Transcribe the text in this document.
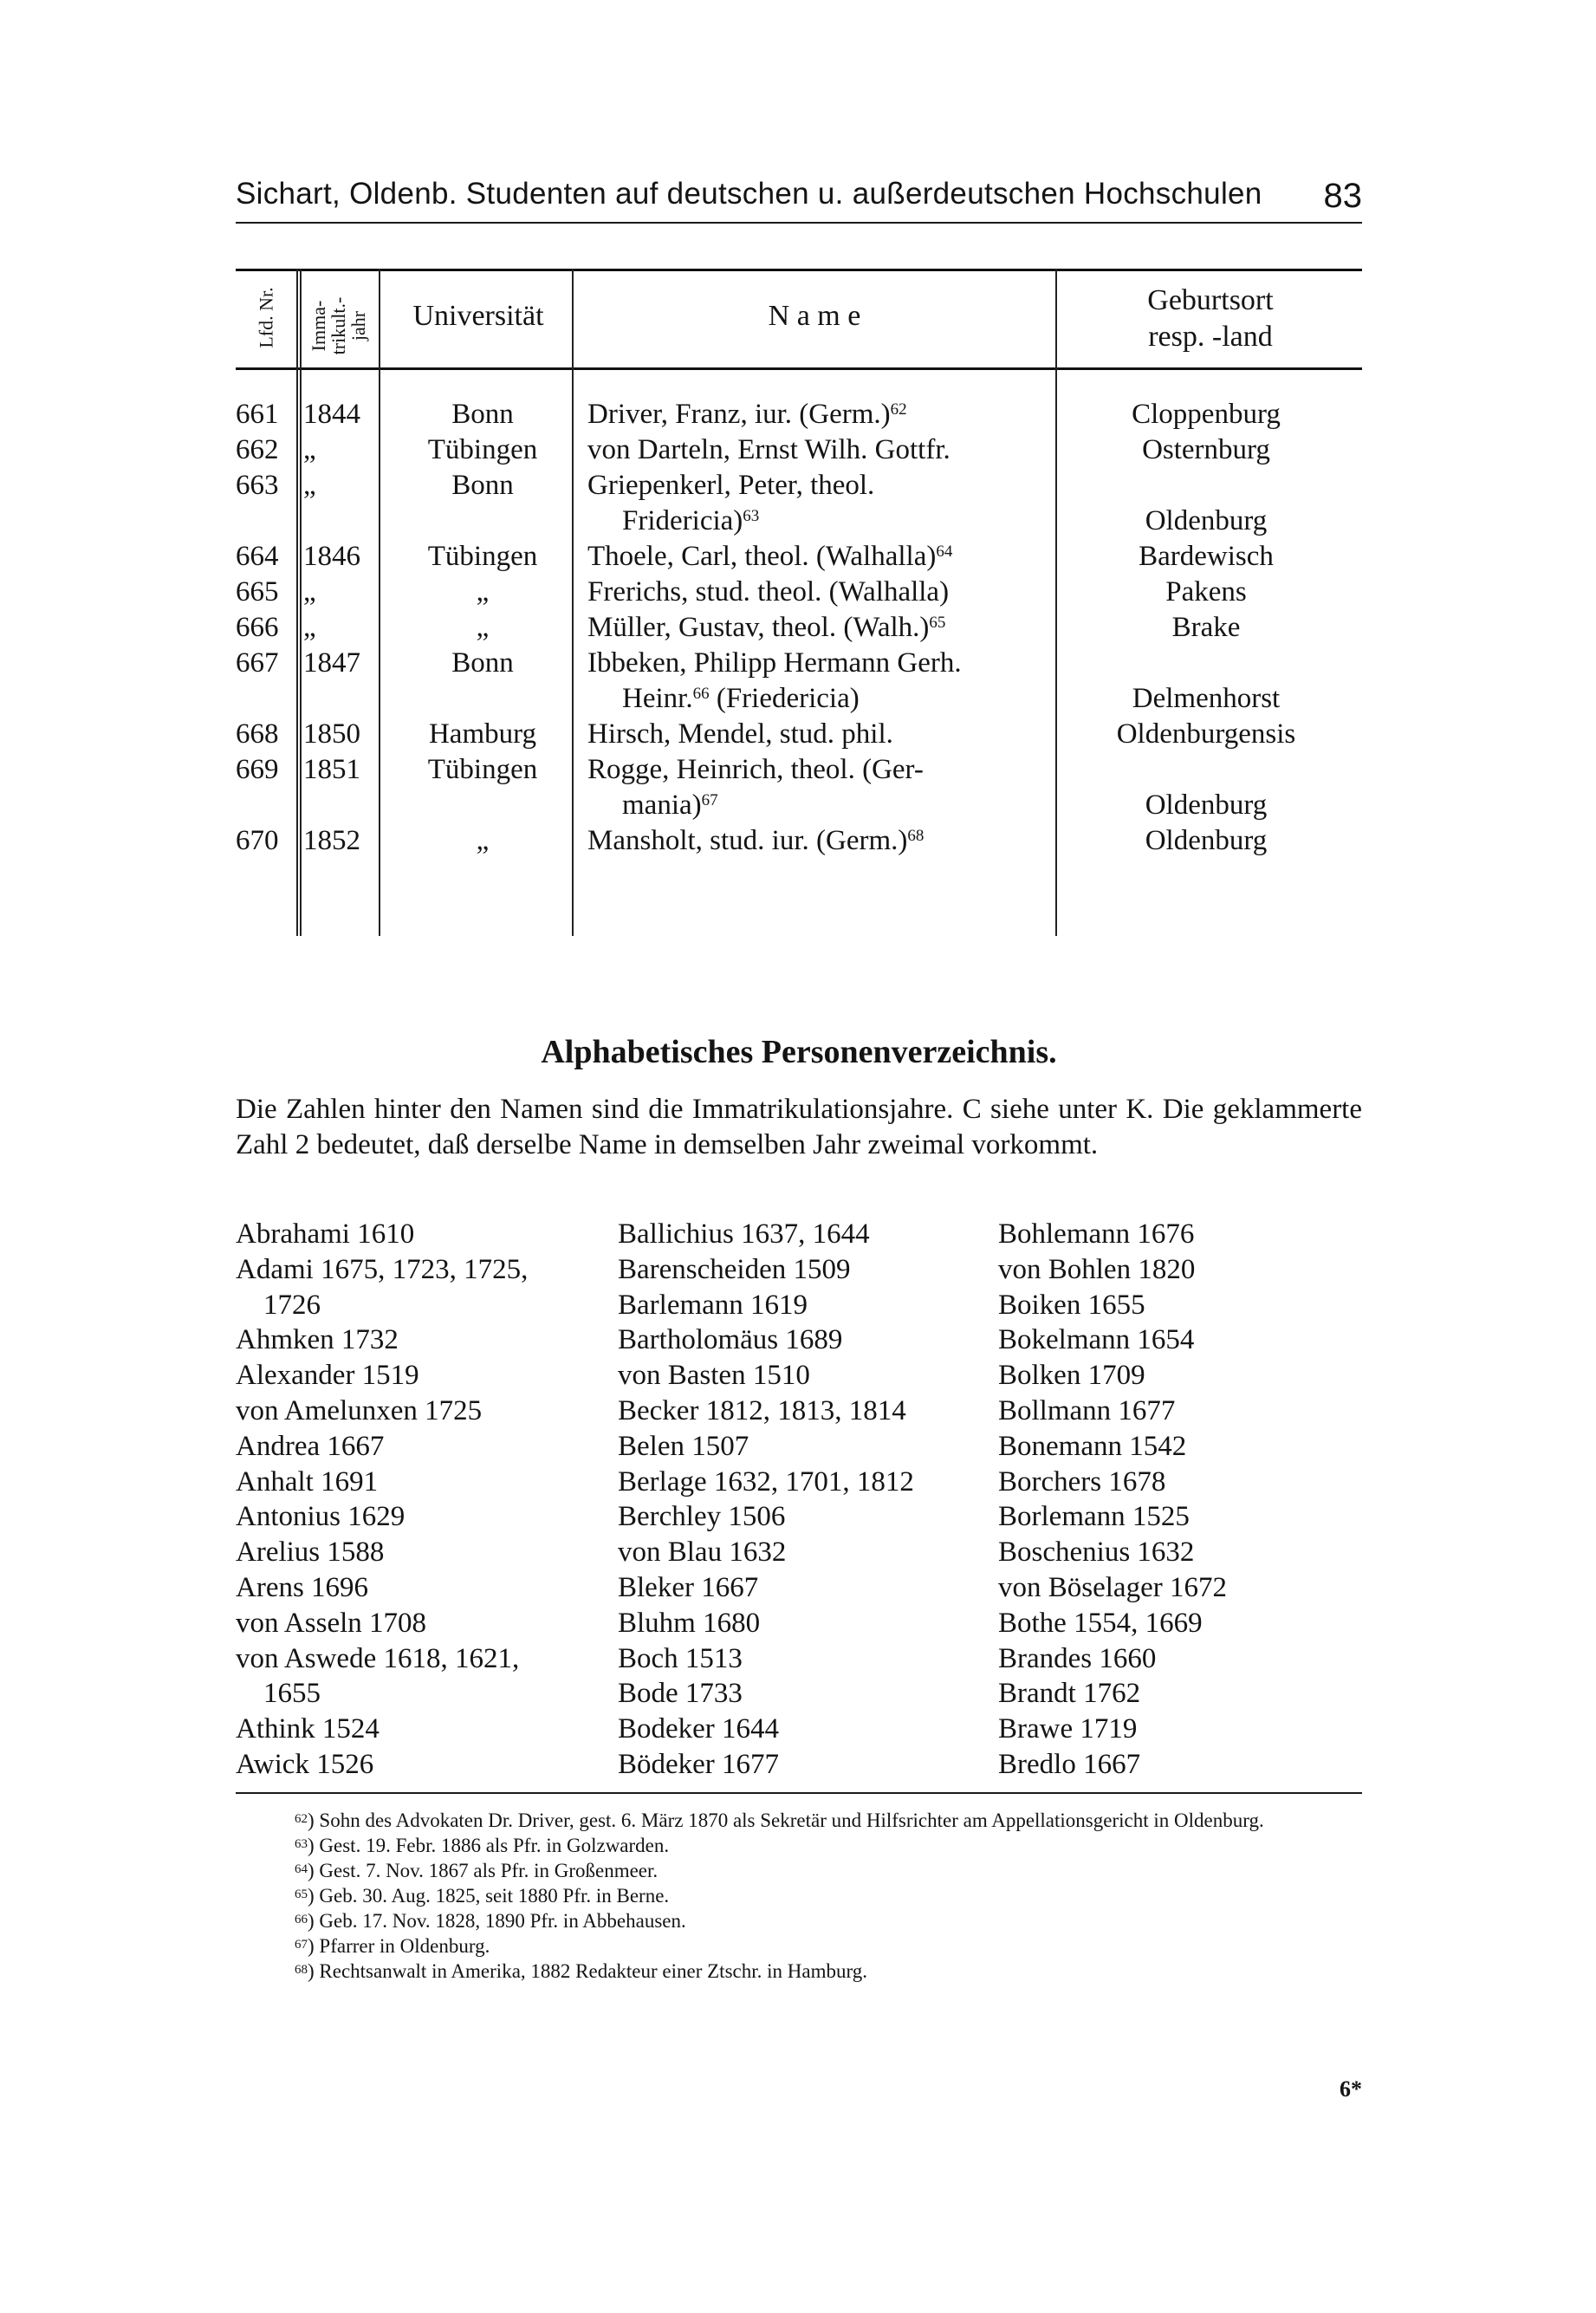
Sichart, Oldenb. Studenten auf deutschen u. außerdeutschen Hochschulen 83
Lfd. Nr. Imma-
trikult.-
jahr	Universität	N a m e	Geburtsort
resp. -land
661 1844	Bonn	Driver, Franz, iur. (Germ.)$^{62}$	Cloppenburg
662 „	Tübingen	von Darteln, Ernst Wilh. Gottfr.	Osternburg
663 „	Bonn	Griepenkerl, Peter, theol.
Fridericia)$^{63}$	Oldenburg
664 1846	Tübingen	Thoele, Carl, theol. (Walhalla)$^{64}$	Bardewisch
665 „	„	Frerichs, stud. theol. (Walhalla)	Pakens
666 „	„	Müller, Gustav, theol. (Walh.)$^{65}$	Brake
667 1847	Bonn	Ibbeken, Philipp Hermann Gerh.
Heinr.$^{66}$ (Friedericia)	Delmenhorst
668 1850	Hamburg	Hirsch, Mendel, stud. phil.	Oldenburgensis
669 1851	Tübingen	Rogge, Heinrich, theol. (Ger-
mania)$^{67}$	Oldenburg
670 1852	„	Mansholt, stud. iur. (Germ.)$^{68}$	Oldenburg
Alphabetisches Personenverzeichnis.
Die Zahlen hinter den Namen sind die Immatrikulationsjahre. C siehe unter K. Die geklammerte Zahl 2 bedeutet, daß derselbe Name in demselben Jahr zweimal vorkommt.
Abrahami 1610
Adami 1675, 1723, 1725,
1726
Ahmken 1732
Alexander 1519
von Amelunxen 1725
Andrea 1667
Anhalt 1691
Antonius 1629
Arelius 1588
Arens 1696
von Asseln 1708
von Aswede 1618, 1621,
1655
Athink 1524
Awick 1526
Ballichius 1637, 1644
Barenscheiden 1509
Barlemann 1619
Bartholomäus 1689
von Basten 1510
Becker 1812, 1813, 1814
Belen 1507
Berlage 1632, 1701, 1812
Berchley 1506
von Blau 1632
Bleker 1667
Bluhm 1680
Boch 1513
Bode 1733
Bodeker 1644
Bödeker 1677
Bohlemann 1676
von Bohlen 1820
Boiken 1655
Bokelmann 1654
Bolken 1709
Bollmann 1677
Bonemann 1542
Borchers 1678
Borlemann 1525
Boschenius 1632
von Böselager 1672
Bothe 1554, 1669
Brandes 1660
Brandt 1762
Brawe 1719
Bredlo 1667
$^{62}$) Sohn des Advokaten Dr. Driver, gest. 6. März 1870 als Sekretär und Hilfsrichter am Appellationsgericht in Oldenburg.
$^{63}$) Gest. 19. Febr. 1886 als Pfr. in Golzwarden.
$^{64}$) Gest. 7. Nov. 1867 als Pfr. in Großenmeer.
$^{65}$) Geb. 30. Aug. 1825, seit 1880 Pfr. in Berne.
$^{66}$) Geb. 17. Nov. 1828, 1890 Pfr. in Abbehausen.
$^{67}$) Pfarrer in Oldenburg.
$^{68}$) Rechtsanwalt in Amerika, 1882 Redakteur einer Ztschr. in Hamburg.
6*
